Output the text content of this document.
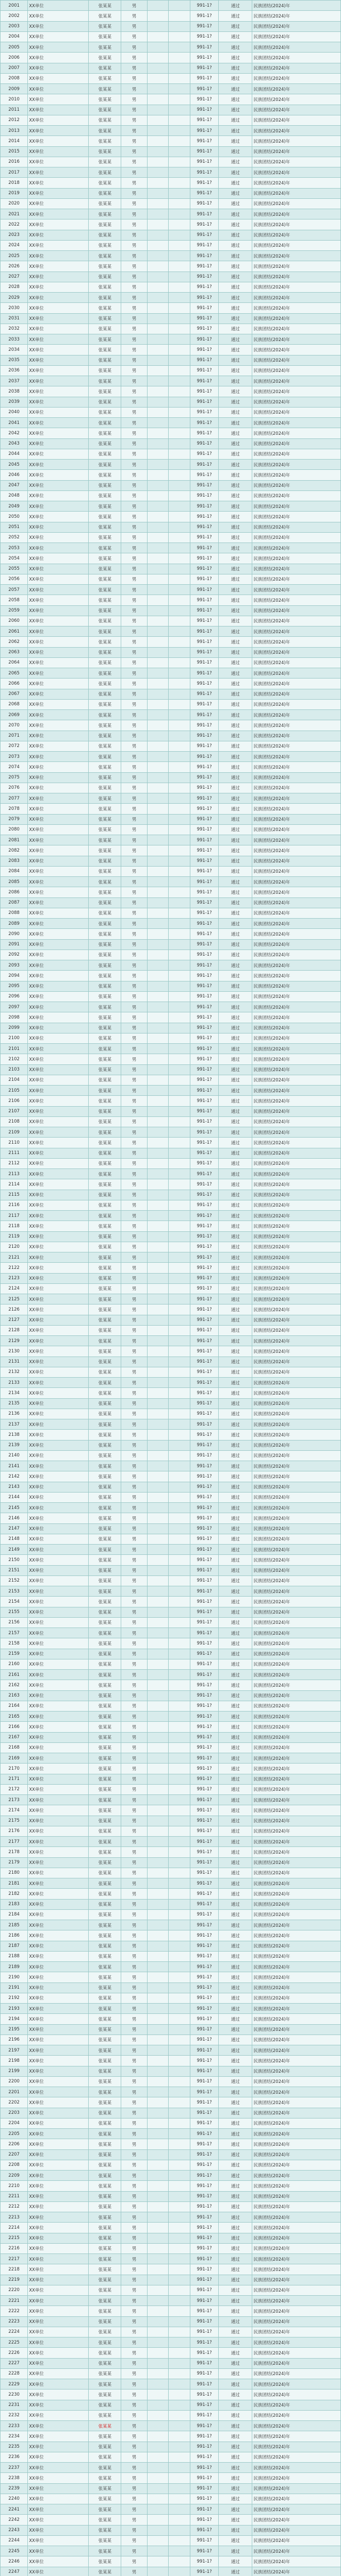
2001	XX单位	张某某	男			991-1?	通过	民族团结(2024)年
2002	XX单位	张某某	男			991-1?	通过	民族团结(2024)年
2003	XX单位	张某某	男			991-1?	通过	民族团结(2024)年
2004	XX单位	张某某	男			991-1?	通过	民族团结(2024)年
2005	XX单位	张某某	男			991-1?	通过	民族团结(2024)年
2006	XX单位	张某某	男			991-1?	通过	民族团结(2024)年
2007	XX单位	张某某	男			991-1?	通过	民族团结(2024)年
2008	XX单位	张某某	男			991-1?	通过	民族团结(2024)年
2009	XX单位	张某某	男			991-1?	通过	民族团结(2024)年
2010	XX单位	张某某	男			991-1?	通过	民族团结(2024)年
2011	XX单位	张某某	男			991-1?	通过	民族团结(2024)年
2012	XX单位	张某某	男			991-1?	通过	民族团结(2024)年
2013	XX单位	张某某	男			991-1?	通过	民族团结(2024)年
2014	XX单位	张某某	男			991-1?	通过	民族团结(2024)年
2015	XX单位	张某某	男			991-1?	通过	民族团结(2024)年
2016	XX单位	张某某	男			991-1?	通过	民族团结(2024)年
2017	XX单位	张某某	男			991-1?	通过	民族团结(2024)年
2018	XX单位	张某某	男			991-1?	通过	民族团结(2024)年
2019	XX单位	张某某	男			991-1?	通过	民族团结(2024)年
2020	XX单位	张某某	男			991-1?	通过	民族团结(2024)年
2021	XX单位	张某某	男			991-1?	通过	民族团结(2024)年
2022	XX单位	张某某	男			991-1?	通过	民族团结(2024)年
2023	XX单位	张某某	男			991-1?	通过	民族团结(2024)年
2024	XX单位	张某某	男			991-1?	通过	民族团结(2024)年
2025	XX单位	张某某	男			991-1?	通过	民族团结(2024)年
2026	XX单位	张某某	男			991-1?	通过	民族团结(2024)年
2027	XX单位	张某某	男			991-1?	通过	民族团结(2024)年
2028	XX单位	张某某	男			991-1?	通过	民族团结(2024)年
2029	XX单位	张某某	男			991-1?	通过	民族团结(2024)年
2030	XX单位	张某某	男			991-1?	通过	民族团结(2024)年
2031	XX单位	张某某	男			991-1?	通过	民族团结(2024)年
2032	XX单位	张某某	男			991-1?	通过	民族团结(2024)年
2033	XX单位	张某某	男			991-1?	通过	民族团结(2024)年
2034	XX单位	张某某	男			991-1?	通过	民族团结(2024)年
2035	XX单位	张某某	男			991-1?	通过	民族团结(2024)年
2036	XX单位	张某某	男			991-1?	通过	民族团结(2024)年
2037	XX单位	张某某	男			991-1?	通过	民族团结(2024)年
2038	XX单位	张某某	男			991-1?	通过	民族团结(2024)年
2039	XX单位	张某某	男			991-1?	通过	民族团结(2024)年
2040	XX单位	张某某	男			991-1?	通过	民族团结(2024)年
2041	XX单位	张某某	男			991-1?	通过	民族团结(2024)年
2042	XX单位	张某某	男			991-1?	通过	民族团结(2024)年
2043	XX单位	张某某	男			991-1?	通过	民族团结(2024)年
2044	XX单位	张某某	男			991-1?	通过	民族团结(2024)年
2045	XX单位	张某某	男			991-1?	通过	民族团结(2024)年
2046	XX单位	张某某	男			991-1?	通过	民族团结(2024)年
2047	XX单位	张某某	男			991-1?	通过	民族团结(2024)年
2048	XX单位	张某某	男			991-1?	通过	民族团结(2024)年
2049	XX单位	张某某	男			991-1?	通过	民族团结(2024)年
2050	XX单位	张某某	男			991-1?	通过	民族团结(2024)年
2051	XX单位	张某某	男			991-1?	通过	民族团结(2024)年
2052	XX单位	张某某	男			991-1?	通过	民族团结(2024)年
2053	XX单位	张某某	男			991-1?	通过	民族团结(2024)年
2054	XX单位	张某某	男			991-1?	通过	民族团结(2024)年
2055	XX单位	张某某	男			991-1?	通过	民族团结(2024)年
2056	XX单位	张某某	男			991-1?	通过	民族团结(2024)年
2057	XX单位	张某某	男			991-1?	通过	民族团结(2024)年
2058	XX单位	张某某	男			991-1?	通过	民族团结(2024)年
2059	XX单位	张某某	男			991-1?	通过	民族团结(2024)年
2060	XX单位	张某某	男			991-1?	通过	民族团结(2024)年
2061	XX单位	张某某	男			991-1?	通过	民族团结(2024)年
2062	XX单位	张某某	男			991-1?	通过	民族团结(2024)年
2063	XX单位	张某某	男			991-1?	通过	民族团结(2024)年
2064	XX单位	张某某	男			991-1?	通过	民族团结(2024)年
2065	XX单位	张某某	男			991-1?	通过	民族团结(2024)年
2066	XX单位	张某某	男			991-1?	通过	民族团结(2024)年
2067	XX单位	张某某	男			991-1?	通过	民族团结(2024)年
2068	XX单位	张某某	男			991-1?	通过	民族团结(2024)年
2069	XX单位	张某某	男			991-1?	通过	民族团结(2024)年
2070	XX单位	张某某	男			991-1?	通过	民族团结(2024)年
2071	XX单位	张某某	男			991-1?	通过	民族团结(2024)年
2072	XX单位	张某某	男			991-1?	通过	民族团结(2024)年
2073	XX单位	张某某	男			991-1?	通过	民族团结(2024)年
2074	XX单位	张某某	男			991-1?	通过	民族团结(2024)年
2075	XX单位	张某某	男			991-1?	通过	民族团结(2024)年
2076	XX单位	张某某	男			991-1?	通过	民族团结(2024)年
2077	XX单位	张某某	男			991-1?	通过	民族团结(2024)年
2078	XX单位	张某某	男			991-1?	通过	民族团结(2024)年
2079	XX单位	张某某	男			991-1?	通过	民族团结(2024)年
2080	XX单位	张某某	男			991-1?	通过	民族团结(2024)年
2081	XX单位	张某某	男			991-1?	通过	民族团结(2024)年
2082	XX单位	张某某	男			991-1?	通过	民族团结(2024)年
2083	XX单位	张某某	男			991-1?	通过	民族团结(2024)年
2084	XX单位	张某某	男			991-1?	通过	民族团结(2024)年
2085	XX单位	张某某	男			991-1?	通过	民族团结(2024)年
2086	XX单位	张某某	男			991-1?	通过	民族团结(2024)年
2087	XX单位	张某某	男			991-1?	通过	民族团结(2024)年
2088	XX单位	张某某	男			991-1?	通过	民族团结(2024)年
2089	XX单位	张某某	男			991-1?	通过	民族团结(2024)年
2090	XX单位	张某某	男			991-1?	通过	民族团结(2024)年
2091	XX单位	张某某	男			991-1?	通过	民族团结(2024)年
2092	XX单位	张某某	男			991-1?	通过	民族团结(2024)年
2093	XX单位	张某某	男			991-1?	通过	民族团结(2024)年
2094	XX单位	张某某	男			991-1?	通过	民族团结(2024)年
2095	XX单位	张某某	男			991-1?	通过	民族团结(2024)年
2096	XX单位	张某某	男			991-1?	通过	民族团结(2024)年
2097	XX单位	张某某	男			991-1?	通过	民族团结(2024)年
2098	XX单位	张某某	男			991-1?	通过	民族团结(2024)年
2099	XX单位	张某某	男			991-1?	通过	民族团结(2024)年
2100	XX单位	张某某	男			991-1?	通过	民族团结(2024)年
2101	XX单位	张某某	男			991-1?	通过	民族团结(2024)年
2102	XX单位	张某某	男			991-1?	通过	民族团结(2024)年
2103	XX单位	张某某	男			991-1?	通过	民族团结(2024)年
2104	XX单位	张某某	男			991-1?	通过	民族团结(2024)年
2105	XX单位	张某某	男			991-1?	通过	民族团结(2024)年
2106	XX单位	张某某	男			991-1?	通过	民族团结(2024)年
2107	XX单位	张某某	男			991-1?	通过	民族团结(2024)年
2108	XX单位	张某某	男			991-1?	通过	民族团结(2024)年
2109	XX单位	张某某	男			991-1?	通过	民族团结(2024)年
2110	XX单位	张某某	男			991-1?	通过	民族团结(2024)年
2111	XX单位	张某某	男			991-1?	通过	民族团结(2024)年
2112	XX单位	张某某	男			991-1?	通过	民族团结(2024)年
2113	XX单位	张某某	男			991-1?	通过	民族团结(2024)年
2114	XX单位	张某某	男			991-1?	通过	民族团结(2024)年
2115	XX单位	张某某	男			991-1?	通过	民族团结(2024)年
2116	XX单位	张某某	男			991-1?	通过	民族团结(2024)年
2117	XX单位	张某某	男			991-1?	通过	民族团结(2024)年
2118	XX单位	张某某	男			991-1?	通过	民族团结(2024)年
2119	XX单位	张某某	男			991-1?	通过	民族团结(2024)年
2120	XX单位	张某某	男			991-1?	通过	民族团结(2024)年
2121	XX单位	张某某	男			991-1?	通过	民族团结(2024)年
2122	XX单位	张某某	男			991-1?	通过	民族团结(2024)年
2123	XX单位	张某某	男			991-1?	通过	民族团结(2024)年
2124	XX单位	张某某	男			991-1?	通过	民族团结(2024)年
2125	XX单位	张某某	男			991-1?	通过	民族团结(2024)年
2126	XX单位	张某某	男			991-1?	通过	民族团结(2024)年
2127	XX单位	张某某	男			991-1?	通过	民族团结(2024)年
2128	XX单位	张某某	男			991-1?	通过	民族团结(2024)年
2129	XX单位	张某某	男			991-1?	通过	民族团结(2024)年
2130	XX单位	张某某	男			991-1?	通过	民族团结(2024)年
2131	XX单位	张某某	男			991-1?	通过	民族团结(2024)年
2132	XX单位	张某某	男			991-1?	通过	民族团结(2024)年
2133	XX单位	张某某	男			991-1?	通过	民族团结(2024)年
2134	XX单位	张某某	男			991-1?	通过	民族团结(2024)年
2135	XX单位	张某某	男			991-1?	通过	民族团结(2024)年
2136	XX单位	张某某	男			991-1?	通过	民族团结(2024)年
2137	XX单位	张某某	男			991-1?	通过	民族团结(2024)年
2138	XX单位	张某某	男			991-1?	通过	民族团结(2024)年
2139	XX单位	张某某	男			991-1?	通过	民族团结(2024)年
2140	XX单位	张某某	男			991-1?	通过	民族团结(2024)年
2141	XX单位	张某某	男			991-1?	通过	民族团结(2024)年
2142	XX单位	张某某	男			991-1?	通过	民族团结(2024)年
2143	XX单位	张某某	男			991-1?	通过	民族团结(2024)年
2144	XX单位	张某某	男			991-1?	通过	民族团结(2024)年
2145	XX单位	张某某	男			991-1?	通过	民族团结(2024)年
2146	XX单位	张某某	男			991-1?	通过	民族团结(2024)年
2147	XX单位	张某某	男			991-1?	通过	民族团结(2024)年
2148	XX单位	张某某	男			991-1?	通过	民族团结(2024)年
2149	XX单位	张某某	男			991-1?	通过	民族团结(2024)年
2150	XX单位	张某某	男			991-1?	通过	民族团结(2024)年
2151	XX单位	张某某	男			991-1?	通过	民族团结(2024)年
2152	XX单位	张某某	男			991-1?	通过	民族团结(2024)年
2153	XX单位	张某某	男			991-1?	通过	民族团结(2024)年
2154	XX单位	张某某	男			991-1?	通过	民族团结(2024)年
2155	XX单位	张某某	男			991-1?	通过	民族团结(2024)年
2156	XX单位	张某某	男			991-1?	通过	民族团结(2024)年
2157	XX单位	张某某	男			991-1?	通过	民族团结(2024)年
2158	XX单位	张某某	男			991-1?	通过	民族团结(2024)年
2159	XX单位	张某某	男			991-1?	通过	民族团结(2024)年
2160	XX单位	张某某	男			991-1?	通过	民族团结(2024)年
2161	XX单位	张某某	男			991-1?	通过	民族团结(2024)年
2162	XX单位	张某某	男			991-1?	通过	民族团结(2024)年
2163	XX单位	张某某	男			991-1?	通过	民族团结(2024)年
2164	XX单位	张某某	男			991-1?	通过	民族团结(2024)年
2165	XX单位	张某某	男			991-1?	通过	民族团结(2024)年
2166	XX单位	张某某	男			991-1?	通过	民族团结(2024)年
2167	XX单位	张某某	男			991-1?	通过	民族团结(2024)年
2168	XX单位	张某某	男			991-1?	通过	民族团结(2024)年
2169	XX单位	张某某	男			991-1?	通过	民族团结(2024)年
2170	XX单位	张某某	男			991-1?	通过	民族团结(2024)年
2171	XX单位	张某某	男			991-1?	通过	民族团结(2024)年
2172	XX单位	张某某	男			991-1?	通过	民族团结(2024)年
2173	XX单位	张某某	男			991-1?	通过	民族团结(2024)年
2174	XX单位	张某某	男			991-1?	通过	民族团结(2024)年
2175	XX单位	张某某	男			991-1?	通过	民族团结(2024)年
2176	XX单位	张某某	男			991-1?	通过	民族团结(2024)年
2177	XX单位	张某某	男			991-1?	通过	民族团结(2024)年
2178	XX单位	张某某	男			991-1?	通过	民族团结(2024)年
2179	XX单位	张某某	男			991-1?	通过	民族团结(2024)年
2180	XX单位	张某某	男			991-1?	通过	民族团结(2024)年
2181	XX单位	张某某	男			991-1?	通过	民族团结(2024)年
2182	XX单位	张某某	男			991-1?	通过	民族团结(2024)年
2183	XX单位	张某某	男			991-1?	通过	民族团结(2024)年
2184	XX单位	张某某	男			991-1?	通过	民族团结(2024)年
2185	XX单位	张某某	男			991-1?	通过	民族团结(2024)年
2186	XX单位	张某某	男			991-1?	通过	民族团结(2024)年
2187	XX单位	张某某	男			991-1?	通过	民族团结(2024)年
2188	XX单位	张某某	男			991-1?	通过	民族团结(2024)年
2189	XX单位	张某某	男			991-1?	通过	民族团结(2024)年
2190	XX单位	张某某	男			991-1?	通过	民族团结(2024)年
2191	XX单位	张某某	男			991-1?	通过	民族团结(2024)年
2192	XX单位	张某某	男			991-1?	通过	民族团结(2024)年
2193	XX单位	张某某	男			991-1?	通过	民族团结(2024)年
2194	XX单位	张某某	男			991-1?	通过	民族团结(2024)年
2195	XX单位	张某某	男			991-1?	通过	民族团结(2024)年
2196	XX单位	张某某	男			991-1?	通过	民族团结(2024)年
2197	XX单位	张某某	男			991-1?	通过	民族团结(2024)年
2198	XX单位	张某某	男			991-1?	通过	民族团结(2024)年
2199	XX单位	张某某	男			991-1?	通过	民族团结(2024)年
2200	XX单位	张某某	男			991-1?	通过	民族团结(2024)年
2201	XX单位	张某某	男			991-1?	通过	民族团结(2024)年
2202	XX单位	张某某	男			991-1?	通过	民族团结(2024)年
2203	XX单位	张某某	男			991-1?	通过	民族团结(2024)年
2204	XX单位	张某某	男			991-1?	通过	民族团结(2024)年
2205	XX单位	张某某	男			991-1?	通过	民族团结(2024)年
2206	XX单位	张某某	男			991-1?	通过	民族团结(2024)年
2207	XX单位	张某某	男			991-1?	通过	民族团结(2024)年
2208	XX单位	张某某	男			991-1?	通过	民族团结(2024)年
2209	XX单位	张某某	男			991-1?	通过	民族团结(2024)年
2210	XX单位	张某某	男			991-1?	通过	民族团结(2024)年
2211	XX单位	张某某	男			991-1?	通过	民族团结(2024)年
2212	XX单位	张某某	男			991-1?	通过	民族团结(2024)年
2213	XX单位	张某某	男			991-1?	通过	民族团结(2024)年
2214	XX单位	张某某	男			991-1?	通过	民族团结(2024)年
2215	XX单位	张某某	男			991-1?	通过	民族团结(2024)年
2216	XX单位	张某某	男			991-1?	通过	民族团结(2024)年
2217	XX单位	张某某	男			991-1?	通过	民族团结(2024)年
2218	XX单位	张某某	男			991-1?	通过	民族团结(2024)年
2219	XX单位	张某某	男			991-1?	通过	民族团结(2024)年
2220	XX单位	张某某	男			991-1?	通过	民族团结(2024)年
2221	XX单位	张某某	男			991-1?	通过	民族团结(2024)年
2222	XX单位	张某某	男			991-1?	通过	民族团结(2024)年
2223	XX单位	张某某	男			991-1?	通过	民族团结(2024)年
2224	XX单位	张某某	男			991-1?	通过	民族团结(2024)年
2225	XX单位	张某某	男			991-1?	通过	民族团结(2024)年
2226	XX单位	张某某	男			991-1?	通过	民族团结(2024)年
2227	XX单位	张某某	男			991-1?	通过	民族团结(2024)年
2228	XX单位	张某某	男			991-1?	通过	民族团结(2024)年
2229	XX单位	张某某	男			991-1?	通过	民族团结(2024)年
2230	XX单位	张某某	男			991-1?	通过	民族团结(2024)年
2231	XX单位	张某某	男			991-1?	通过	民族团结(2024)年
2232	XX单位	张某某	男			991-1?	通过	民族团结(2024)年
2233	XX单位	张某某	男			991-1?	通过	民族团结(2024)年
2234	XX单位	张某某	男			991-1?	通过	民族团结(2024)年
2235	XX单位	张某某	男			991-1?	通过	民族团结(2024)年
2236	XX单位	张某某	男			991-1?	通过	民族团结(2024)年
2237	XX单位	张某某	男			991-1?	通过	民族团结(2024)年
2238	XX单位	张某某	男			991-1?	通过	民族团结(2024)年
2239	XX单位	张某某	男			991-1?	通过	民族团结(2024)年
2240	XX单位	张某某	男			991-1?	通过	民族团结(2024)年
2241	XX单位	张某某	男			991-1?	通过	民族团结(2024)年
2242	XX单位	张某某	男			991-1?	通过	民族团结(2024)年
2243	XX单位	张某某	男			991-1?	通过	民族团结(2024)年
2244	XX单位	张某某	男			991-1?	通过	民族团结(2024)年
2245	XX单位	张某某	男			991-1?	通过	民族团结(2024)年
2246	XX单位	张某某	男			991-1?	通过	民族团结(2024)年
2247	XX单位	张某某	男			991-1?	通过	民族团结(2024)年
